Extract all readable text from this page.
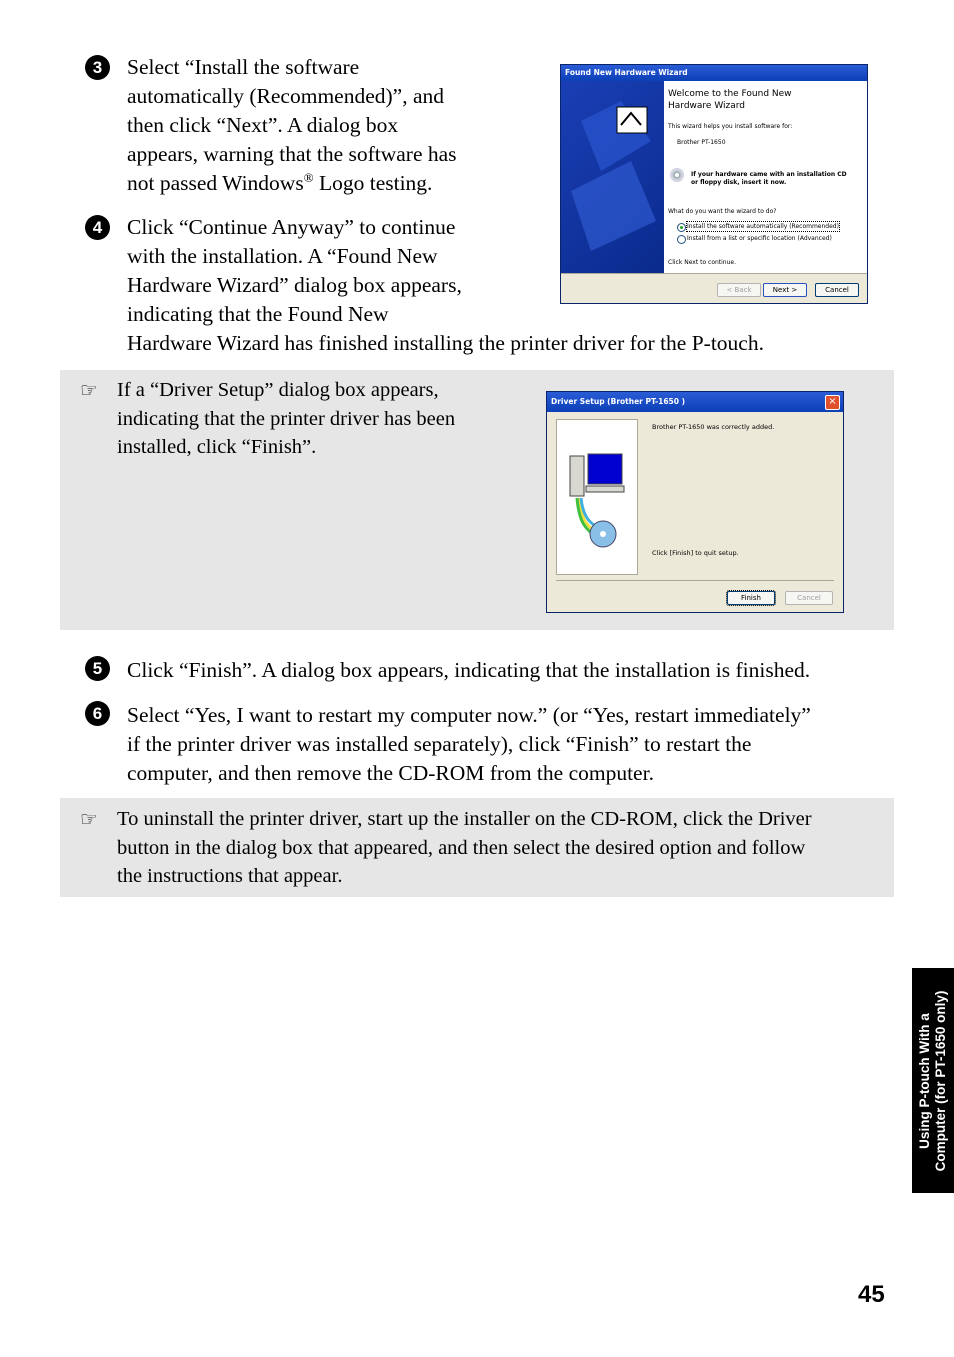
3	Select “Install the software
automatically (Recommended)”, and
then click “Next”. A dialog box
appears, warning that the software has
not passed Windows® Logo testing.
4	Click “Continue Anyway” to continue
with the installation. A “Found New
Hardware Wizard” dialog box appears,
indicating that the Found New
Hardware Wizard has finished installing the printer driver for the P-touch.
Found New Hardware Wizard
Welcome to the Found New
Hardware Wizard
This wizard helps you install software for:
Brother PT-1650
If your hardware came with an installation CD
or floppy disk, insert it now.
What do you want the wizard to do?
Install the software automatically (Recommended)
Install from a list or specific location (Advanced)
Click Next to continue.
< Back	Next >	Cancel
☞ If a “Driver Setup” dialog box appears,
indicating that the printer driver has been
installed, click “Finish”.
Driver Setup (Brother PT-1650 )	×
Brother PT-1650 was correctly added.
Click [Finish] to quit setup.
Finish	Cancel
5	Click “Finish”. A dialog box appears, indicating that the installation is finished.
6	Select “Yes, I want to restart my computer now.” (or “Yes, restart immediately”
if the printer driver was installed separately), click “Finish” to restart the
computer, and then remove the CD-ROM from the computer.
☞ To uninstall the printer driver, start up the installer on the CD-ROM, click the Driver
button in the dialog box that appeared, and then select the desired option and follow
the instructions that appear.
Using P-touch With a Computer (for PT-1650 only)
45
